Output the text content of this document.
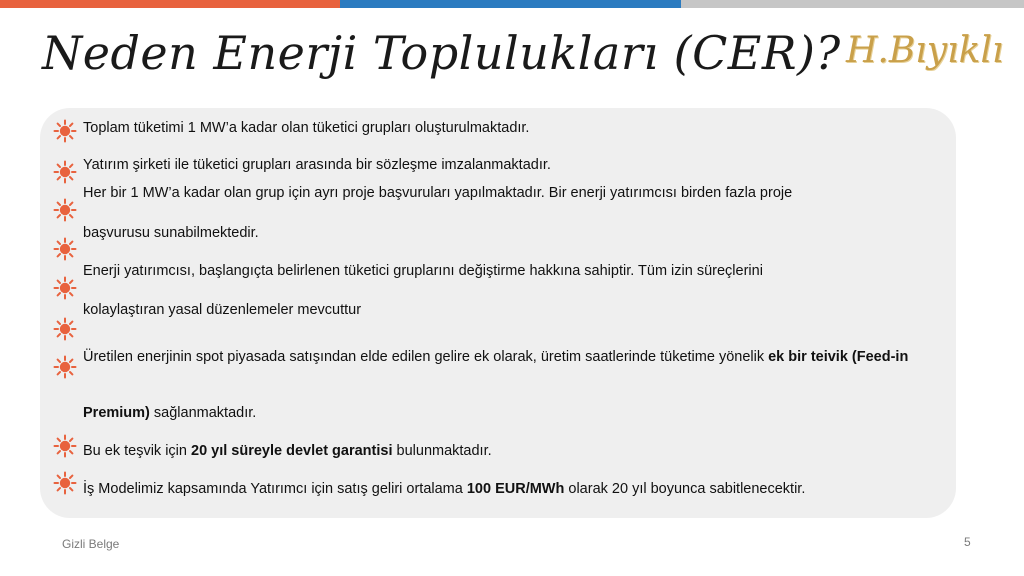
Neden Enerji Toplulukları (CER)? H.Bıyıklı
Toplam tüketimi 1 MW’a kadar olan tüketici grupları oluşturulmaktadır.
Yatırım şirketi ile tüketici grupları arasında bir sözleşme imzalanmaktadır.
Her bir 1 MW’a kadar olan grup için ayrı proje başvuruları yapılmaktadır. Bir enerji yatırımcısı birden fazla proje
başvurusu sunabilmektedir.
Enerji yatırımcısı, başlangıçta belirlenen tüketici gruplarını değiştirme hakkına sahiptir. Tüm izin süreçlerini
kolaylaştıran yasal düzenlemeler mevcuttur
Üretilen enerjinin spot piyasada satışından elde edilen gelire ek olarak, üretim saatlerinde tüketime yönelik ek bir teivik (Feed-in
Premium) sağlanmaktadır.
Bu ek teşvik için 20 yıl süreyle devlet garantisi bulunmaktadır.
İş Modelimiz kapsamında Yatırımcı için satış geliri ortalama 100 EUR/MWh olarak 20 yıl boyunca sabitlenecektir.
Gizli Belge	5
